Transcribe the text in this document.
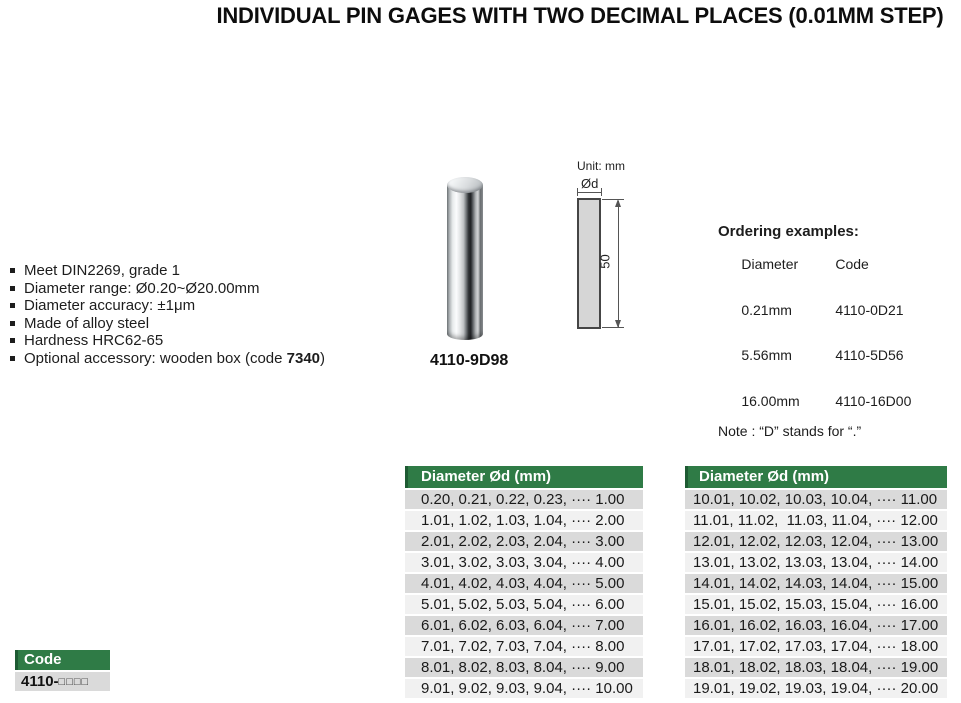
INDIVIDUAL PIN GAGES WITH TWO DECIMAL PLACES (0.01MM STEP)
Meet DIN2269, grade 1
Diameter range: Ø0.20~Ø20.00mm
Diameter accuracy: ±1μm
Made of alloy steel
Hardness HRC62-65
Optional accessory: wooden box (code 7340)	4110-9D98
Unit: mm
Ød
50
Ordering examples:

Diameter	Code

0.21mm	4110-0D21

5.56mm	4110-5D56

16.00mm	4110-16D00

Note : “D” stands for “.”
Diameter Ød (mm)
0.20, 0.21, 0.22, 0.23, ···· 1.00
1.01, 1.02, 1.03, 1.04, ···· 2.00
2.01, 2.02, 2.03, 2.04, ···· 3.00
3.01, 3.02, 3.03, 3.04, ···· 4.00
4.01, 4.02, 4.03, 4.04, ···· 5.00
5.01, 5.02, 5.03, 5.04, ···· 6.00
6.01, 6.02, 6.03, 6.04, ···· 7.00
7.01, 7.02, 7.03, 7.04, ···· 8.00
8.01, 8.02, 8.03, 8.04, ···· 9.00
9.01, 9.02, 9.03, 9.04, ···· 10.00
Diameter Ød (mm)
10.01, 10.02, 10.03, 10.04, ···· 11.00
11.01, 11.02,  11.03, 11.04, ···· 12.00
12.01, 12.02, 12.03, 12.04, ···· 13.00
13.01, 13.02, 13.03, 13.04, ···· 14.00
14.01, 14.02, 14.03, 14.04, ···· 15.00
15.01, 15.02, 15.03, 15.04, ···· 16.00
16.01, 16.02, 16.03, 16.04, ···· 17.00
17.01, 17.02, 17.03, 17.04, ···· 18.00
18.01, 18.02, 18.03, 18.04, ···· 19.00
19.01, 19.02, 19.03, 19.04, ···· 20.00
Code
4110-□□□□
